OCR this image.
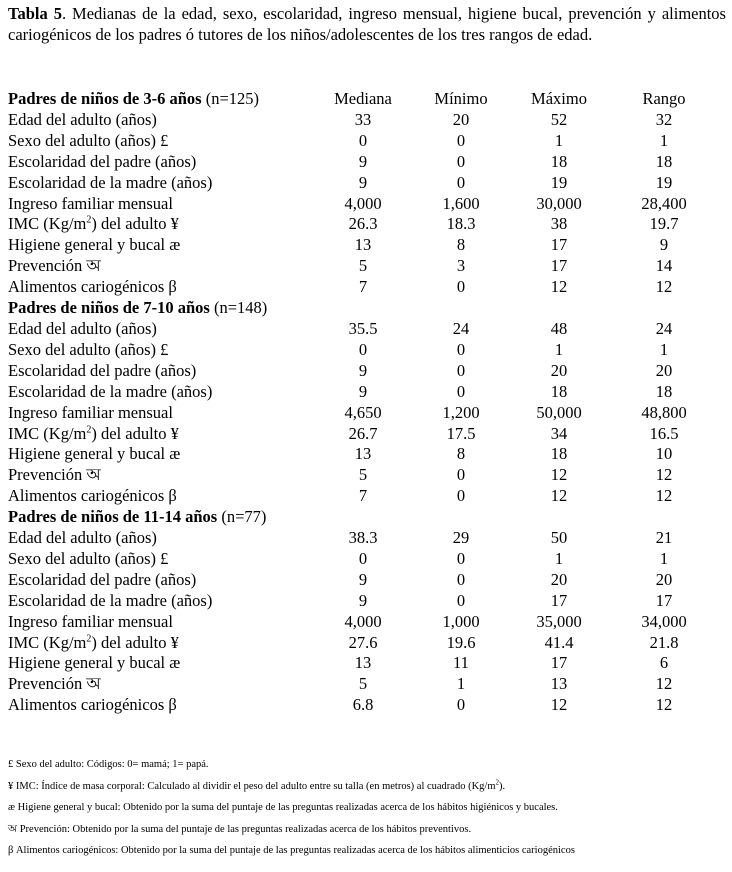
Tabla 5. Medianas de la edad, sexo, escolaridad, ingreso mensual, higiene bucal, prevención y alimentos cariogénicos de los padres ó tutores de los niños/adolescentes de los tres rangos de edad.
Padres de niños de 3-6 años (n=125)	Mediana	Mínimo	Máximo	Rango
Edad del adulto (años)	33	20	52	32
Sexo del adulto (años) £	0	0	1	1
Escolaridad del padre (años)	9	0	18	18
Escolaridad de la madre (años)	9	0	19	19
Ingreso familiar mensual	4,000	1,600	30,000	28,400
IMC $(Kg/m^2)$ del adulto ¥	26.3	18.3	38	19.7
Higiene general y bucal æ	13	8	17	9
Prevención অ	5	3	17	14
Alimentos cariogénicos β	7	0	12	12
Padres de niños de 7-10 años (n=148)				
Edad del adulto (años)	35.5	24	48	24
Sexo del adulto (años) £	0	0	1	1
Escolaridad del padre (años)	9	0	20	20
Escolaridad de la madre (años)	9	0	18	18
Ingreso familiar mensual	4,650	1,200	50,000	48,800
IMC $(Kg/m^2)$ del adulto ¥	26.7	17.5	34	16.5
Higiene general y bucal æ	13	8	18	10
Prevención অ	5	0	12	12
Alimentos cariogénicos β	7	0	12	12
Padres de niños de 11-14 años (n=77)				
Edad del adulto (años)	38.3	29	50	21
Sexo del adulto (años) £	0	0	1	1
Escolaridad del padre (años)	9	0	20	20
Escolaridad de la madre (años)	9	0	17	17
Ingreso familiar mensual	4,000	1,000	35,000	34,000
IMC $(Kg/m^2)$ del adulto ¥	27.6	19.6	41.4	21.8
Higiene general y bucal æ	13	11	17	6
Prevención অ	5	1	13	12
Alimentos cariogénicos β	6.8	0	12	12
£ Sexo del adulto: Códigos: 0= mamá; 1= papá.
¥ IMC: Índice de masa corporal: Calculado al dividir el peso del adulto entre su talla (en metros) al cuadrado $(Kg/m^2)$.
æ Higiene general y bucal: Obtenido por la suma del puntaje de las preguntas realizadas acerca de los hábitos higiénicos y bucales.
অ Prevención: Obtenido por la suma del puntaje de las preguntas realizadas acerca de los hábitos preventivos.
β Alimentos cariogénicos: Obtenido por la suma del puntaje de las preguntas realizadas acerca de los hábitos alimenticios cariogénicos
